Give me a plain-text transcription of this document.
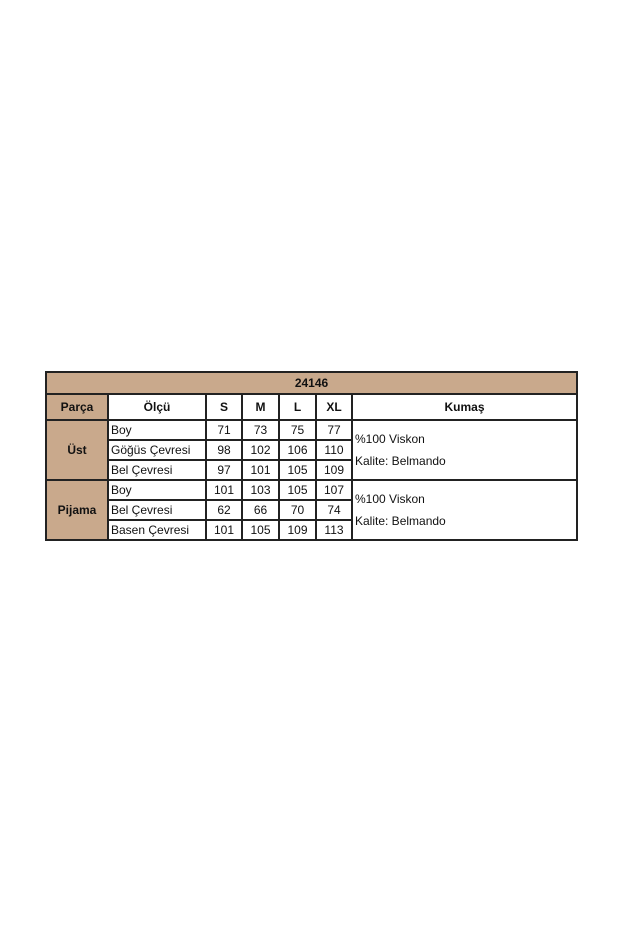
24146						
Parça	Ölçü	S	M	L	XL	Kumaş
Üst	Boy	71	73	75	77	%100 Viskon
Kalite: Belmando

	Göğüs Çevresi	98	102	106	110	
	Bel Çevresi	97	101	105	109	
Pijama	Boy	101	103	105	107	%100 Viskon
Kalite: Belmando

	Bel Çevresi	62	66	70	74	
	Basen Çevresi	101	105	109	113	
